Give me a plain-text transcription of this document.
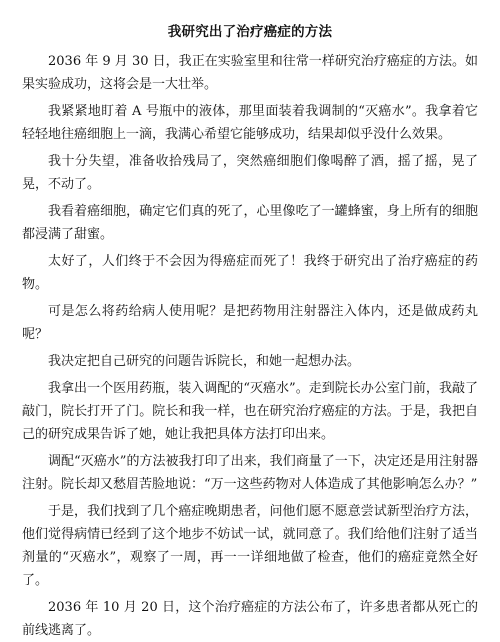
我研究出了治疗癌症的方法

2036 年 9 月 30 日，我正在实验室里和往常一样研究治疗癌症的方法。如果实验成功，这将会是一大壮举。

我紧紧地盯着 A 号瓶中的液体，那里面装着我调制的“灭癌水”。我拿着它轻轻地往癌细胞上一滴，我满心希望它能够成功，结果却似乎没什么效果。

我十分失望，准备收拾残局了，突然癌细胞们像喝醉了酒，摇了摇，晃了晃，不动了。

我看着癌细胞，确定它们真的死了，心里像吃了一罐蜂蜜，身上所有的细胞都浸满了甜蜜。

太好了，人们终于不会因为得癌症而死了！我终于研究出了治疗癌症的药物。

可是怎么将药给病人使用呢？是把药物用注射器注入体内，还是做成药丸呢？

我决定把自己研究的问题告诉院长，和她一起想办法。

我拿出一个医用药瓶，装入调配的“灭癌水”。走到院长办公室门前，我敲了敲门，院长打开了门。院长和我一样，也在研究治疗癌症的方法。于是，我把自己的研究成果告诉了她，她让我把具体方法打印出来。

调配“灭癌水”的方法被我打印了出来，我们商量了一下，决定还是用注射器注射。院长却又愁眉苦脸地说：“万一这些药物对人体造成了其他影响怎么办？”

于是，我们找到了几个癌症晚期患者，问他们愿不愿意尝试新型治疗方法，他们觉得病情已经到了这个地步不妨试一试，就同意了。我们给他们注射了适当剂量的“灭癌水”，观察了一周，再一一详细地做了检查，他们的癌症竟然全好了。

2036 年 10 月 20 日，这个治疗癌症的方法公布了，许多患者都从死亡的前线逃离了。
